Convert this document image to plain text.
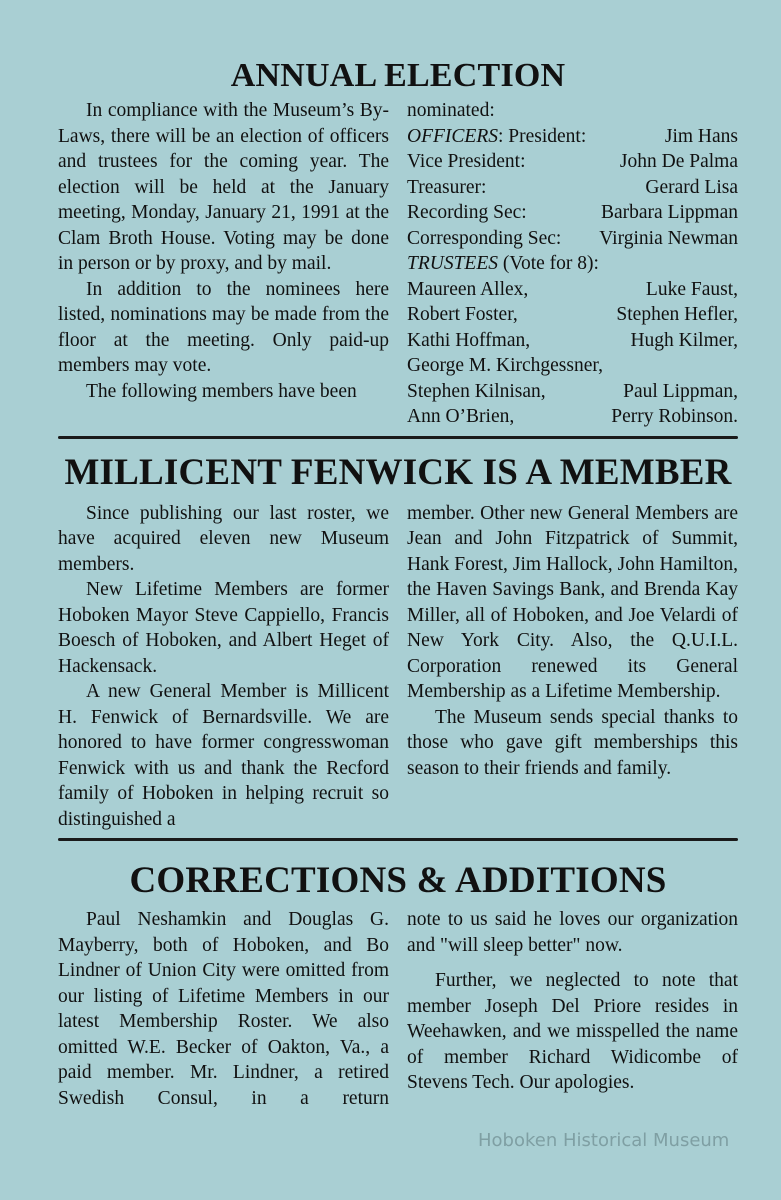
ANNUAL ELECTION

In compliance with the Museum’s By-Laws, there will be an election of officers and trustees for the coming year. The election will be held at the January meeting, Monday, January 21, 1991 at the Clam Broth House. Voting may be done in person or by proxy, and by mail.

In addition to the nominees here listed, nominations may be made from the floor at the meeting. Only paid-up members may vote.

The following members have been

nominated:
OFFICERS: President:	Jim Hans
Vice President:	John De Palma
Treasurer:	Gerard Lisa
Recording Sec:	Barbara Lippman
Corresponding Sec: Virginia Newman
TRUSTEES (Vote for 8):
Maureen Allex,	Luke Faust,
Robert Foster,	Stephen Hefler,
Kathi Hoffman,	Hugh Kilmer,
George M. Kirchgessner,
Stephen Kilnisan,	Paul Lippman,
Ann O’Brien,	Perry Robinson.
MILLICENT FENWICK IS A MEMBER

Since publishing our last roster, we have acquired eleven new Museum members.

New Lifetime Members are former Hoboken Mayor Steve Cappiello, Francis Boesch of Hoboken, and Albert Heget of Hackensack.

A new General Member is Millicent H. Fenwick of Bernardsville. We are honored to have former congresswoman Fenwick with us and thank the Recford family of Hoboken in helping recruit so distinguished a

member. Other new General Members are Jean and John Fitzpatrick of Summit, Hank Forest, Jim Hallock, John Hamilton, the Haven Savings Bank, and Brenda Kay Miller, all of Hoboken, and Joe Velardi of New York City. Also, the Q.U.I.L. Corporation renewed its General Membership as a Lifetime Membership.

The Museum sends special thanks to those who gave gift memberships this season to their friends and family.

CORRECTIONS & ADDITIONS

Paul Neshamkin and Douglas G. Mayberry, both of Hoboken, and Bo Lindner of Union City were omitted from our listing of Lifetime Members in our latest Membership Roster. We also omitted W.E. Becker of Oakton, Va., a paid member. Mr. Lindner, a retired Swedish Consul, in a return

note to us said he loves our organization and "will sleep better" now.

Further, we neglected to note that member Joseph Del Priore resides in Weehawken, and we misspelled the name of member Richard Widicombe of Stevens Tech. Our apologies.

Hoboken Historical Museum
